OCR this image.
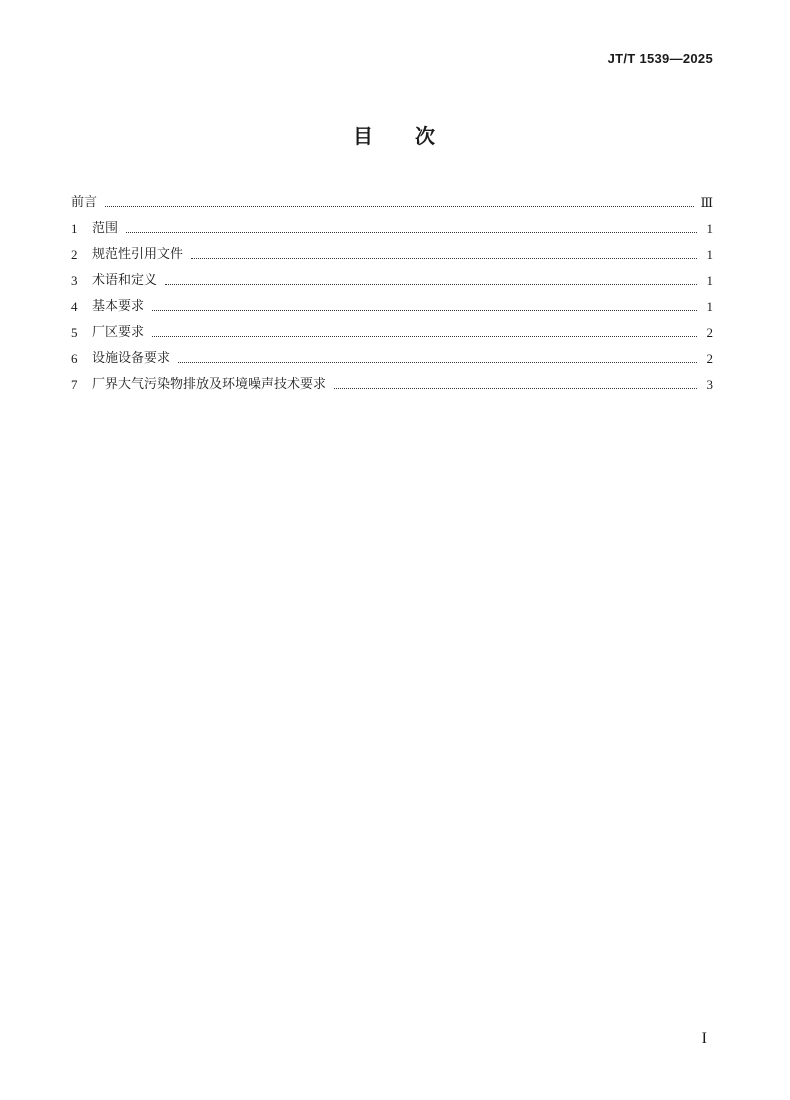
JT/T 1539—2025
目 次
前言	Ⅲ
1	范围	1
2	规范性引用文件	1
3	术语和定义	1
4	基本要求	1
5	厂区要求	2
6	设施设备要求	2
7	厂界大气污染物排放及环境噪声技术要求	3
I
